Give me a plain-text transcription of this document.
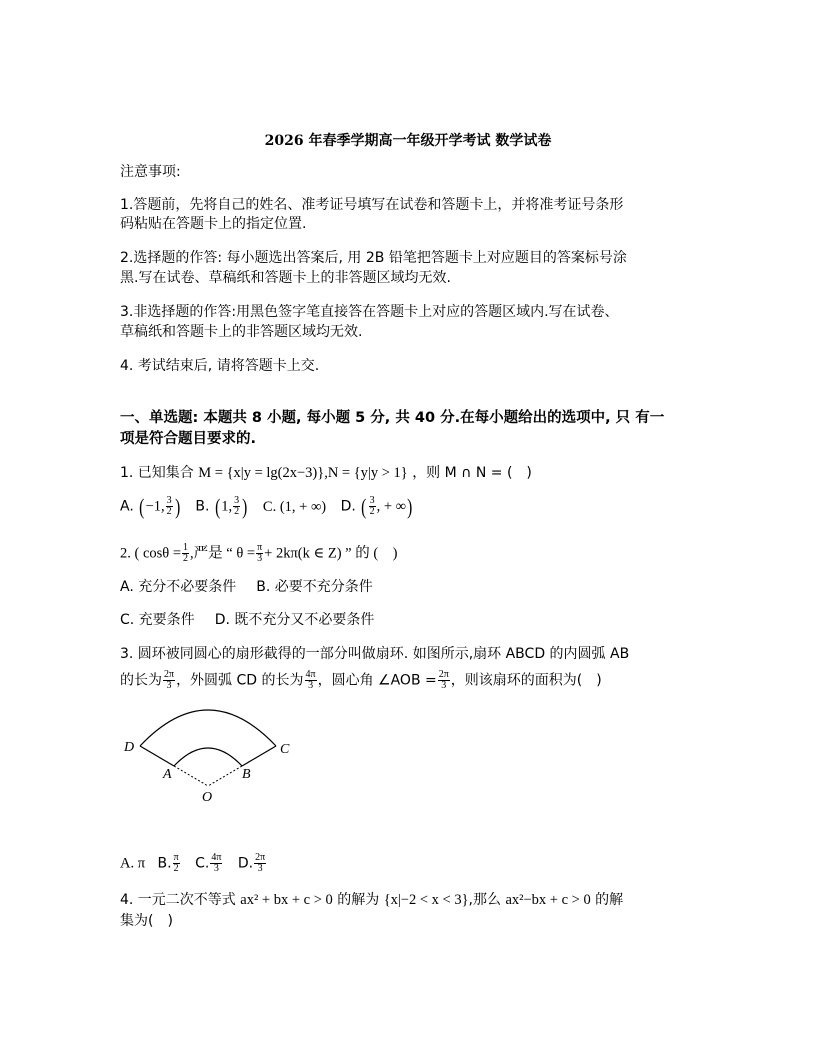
2026 年春季学期高一年级开学考试 数学试卷
注意事项:
1.答题前，先将自己的姓名、准考证号填写在试卷和答题卡上，并将准考证号条形
码粘贴在答题卡上的指定位置.
2.选择题的作答: 每小题选出答案后, 用 2B 铅笔把答题卡上对应题目的答案标号涂
黑.写在试卷、草稿纸和答题卡上的非答题区域均无效.
3.非选择题的作答:用黑色签字笔直接答在答题卡上对应的答题区域内.写在试卷、
草稿纸和答题卡上的非答题区域均无效.
4. 考试结束后, 请将答题卡上交.
一、单选题: 本题共 8 小题, 每小题 5 分, 共 40 分.在每小题给出的选项中, 只 有一
项是符合题目要求的.
1. 已知集合 M = {x|y = lg(2x−3)},N = {y|y > 1} ，则 M ∩ N = (　)
A. (−1, $\frac{3}{2}$ ) B. (1, $\frac{3}{2}$ ) C. (1, + ∞) D. ( $\frac{3}{2}$ , + ∞)
2. ( $\cos\theta = \frac{1}{2}$ ,严是 “ $\theta = \frac{\pi}{3} + 2k\pi(k$ ∈ Z) ” 的 (　)
A. 充分不必要条件 B. 必要不充分条件
C. 充要条件 D. 既不充分又不必要条件
3. 圆环被同圆心的扇形截得的一部分叫做扇环. 如图所示,扇环 ABCD 的内圆弧 AB
的长为 $\frac{2\pi}{3}$ ，外圆弧 CD 的长为 $\frac{4\pi}{3}$ ，圆心角 ∠AOB = $\frac{2\pi}{3}$ ，则该扇环的面积为(　)
D	C
A	B
O
A. π B. $\frac{\pi}{2} C$. $\frac{4\pi}{3} D$. $\frac{2\pi}{3}$
4. 一元二次不等式 ax² + bx + c > 0 的解为 {x|−2 < x < 3},那么 ax²−bx + c > 0 的解
集为(　)
